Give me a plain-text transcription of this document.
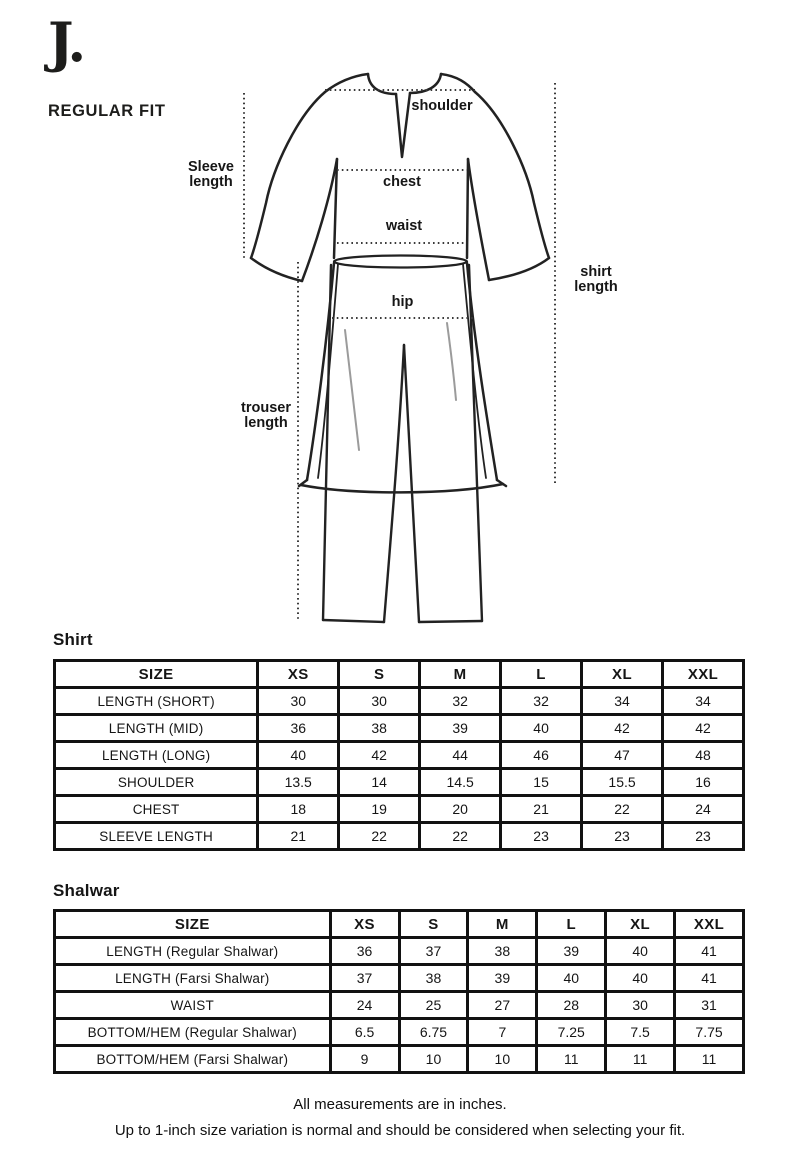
J.
REGULAR FIT	shoulder
chest
waist
hip
Sleeve length
shirt length
trouser length
Shirt
SIZE	XS	S	M	L	XL	XXL
LENGTH (SHORT)	30	30	32	32	34	34
LENGTH (MID)	36	38	39	40	42	42
LENGTH (LONG)	40	42	44	46	47	48
SHOULDER	13.5	14	14.5	15	15.5	16
CHEST	18	19	20	21	22	24
SLEEVE LENGTH	21	22	22	23	23	23
Shalwar
SIZE	XS	S	M	L	XL	XXL
LENGTH (Regular Shalwar)	36	37	38	39	40	41
LENGTH (Farsi Shalwar)	37	38	39	40	40	41
WAIST	24	25	27	28	30	31
BOTTOM/HEM (Regular Shalwar)	6.5	6.75	7	7.25	7.5	7.75
BOTTOM/HEM (Farsi Shalwar)	9	10	10	11	11	11
All measurements are in inches.
Up to 1-inch size variation is normal and should be considered when selecting your fit.
